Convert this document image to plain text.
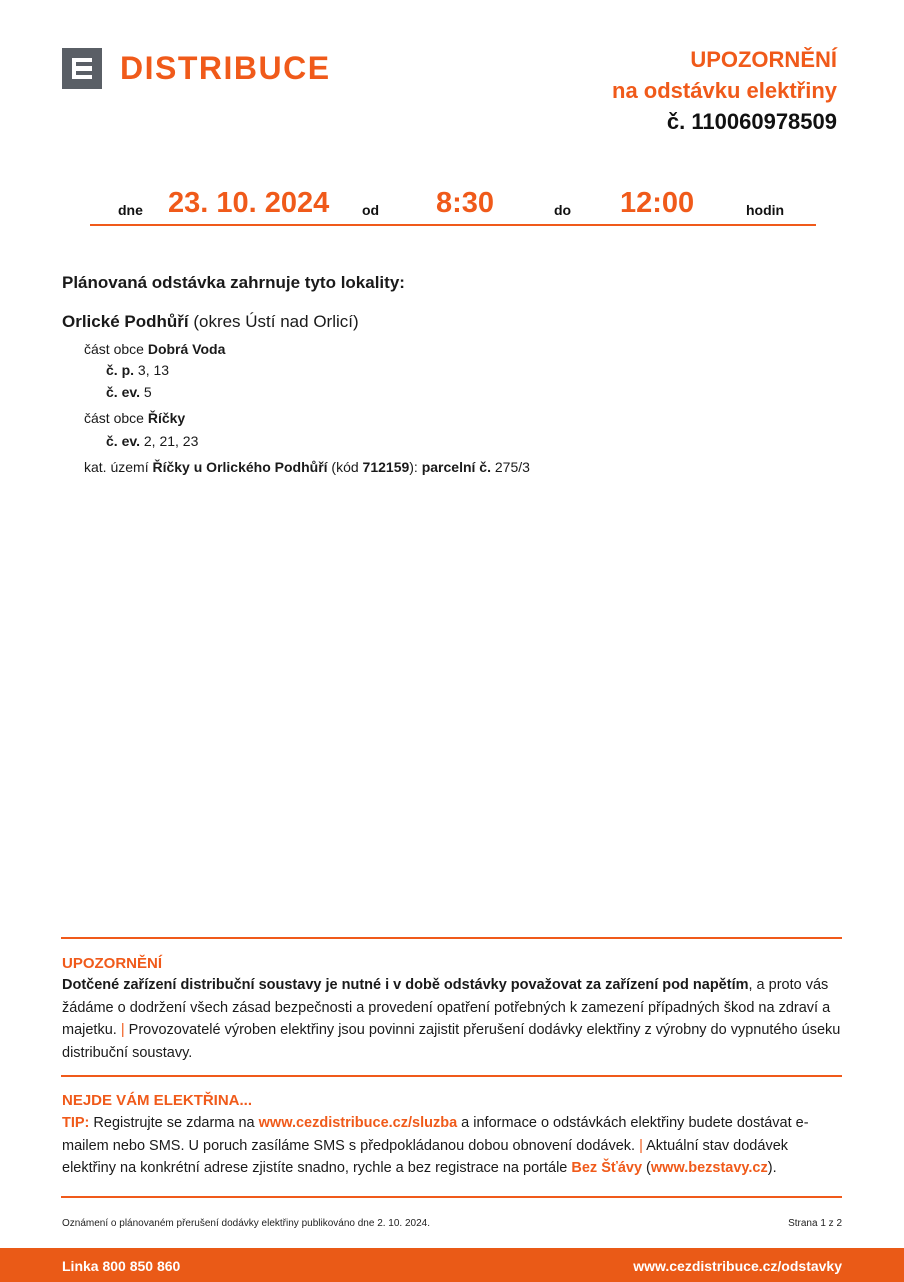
DISTRIBUCE	UPOZORNĚNÍ
na odstávku elektřiny
č. 110060978509
dne 23. 10. 2024 od 8:30	do 12:00	hodin
Plánovaná odstávka zahrnuje tyto lokality:
Orlické Podhůří (okres Ústí nad Orlicí)
část obce Dobrá Voda
č. p. 3, 13
č. ev. 5
část obce Říčky
č. ev. 2, 21, 23
kat. území Říčky u Orlického Podhůří (kód 712159): parcelní č. 275/3
UPOZORNĚNÍ
Dotčené zařízení distribuční soustavy je nutné i v době odstávky považovat za zařízení pod napětím, a proto vás žádáme o dodržení všech zásad bezpečnosti a provedení opatření potřebných k zamezení případných škod na zdraví a majetku. | Provozovatelé výroben elektřiny jsou povinni zajistit přerušení dodávky elektřiny z výrobny do vypnutého úseku distribuční soustavy.
NEJDE VÁM ELEKTŘINA...
TIP: Registrujte se zdarma na www.cezdistribuce.cz/sluzba a informace o odstávkách elektřiny budete dostávat e-mailem nebo SMS. U poruch zasíláme SMS s předpokládanou dobou obnovení dodávek. | Aktuální stav dodávek elektřiny na konkrétní adrese zjistíte snadno, rychle a bez registrace na portále Bez Šťávy (www.bezstavy.cz).
Oznámení o plánovaném přerušení dodávky elektřiny publikováno dne 2. 10. 2024.	Strana 1 z 2
Linka 800 850 860	www.cezdistribuce.cz/odstavky
